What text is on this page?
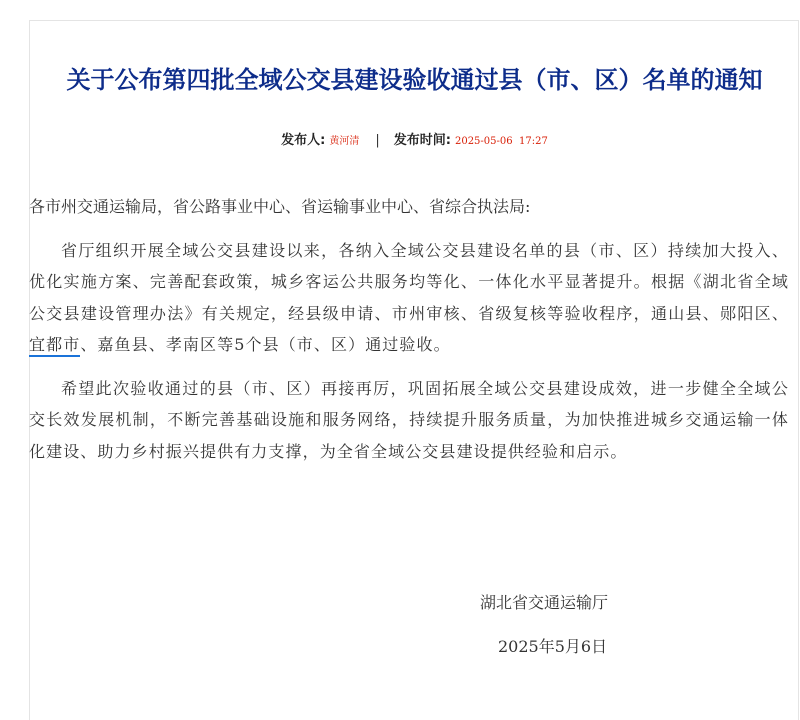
关于公布第四批全域公交县建设验收通过县（市、区）名单的通知
发布人: 黄河清 | 发布时间: 2025-05-06  17:27

各市州交通运输局，省公路事业中心、省运输事业中心、省综合执法局:

省厅组织开展全域公交县建设以来，各纳入全域公交县建设名单的县（市、区）持续加大投入、优化实施方案、完善配套政策，城乡客运公共服务均等化、一体化水平显著提升。根据《湖北省全域公交县建设管理办法》有关规定，经县级申请、市州审核、省级复核等验收程序，通山县、郧阳区、宜都市、嘉鱼县、孝南区等5个县（市、区）通过验收。

希望此次验收通过的县（市、区）再接再厉，巩固拓展全域公交县建设成效，进一步健全全域公交长效发展机制，不断完善基础设施和服务网络，持续提升服务质量，为加快推进城乡交通运输一体化建设、助力乡村振兴提供有力支撑，为全省全域公交县建设提供经验和启示。

湖北省交通运输厅
2025年5月6日
